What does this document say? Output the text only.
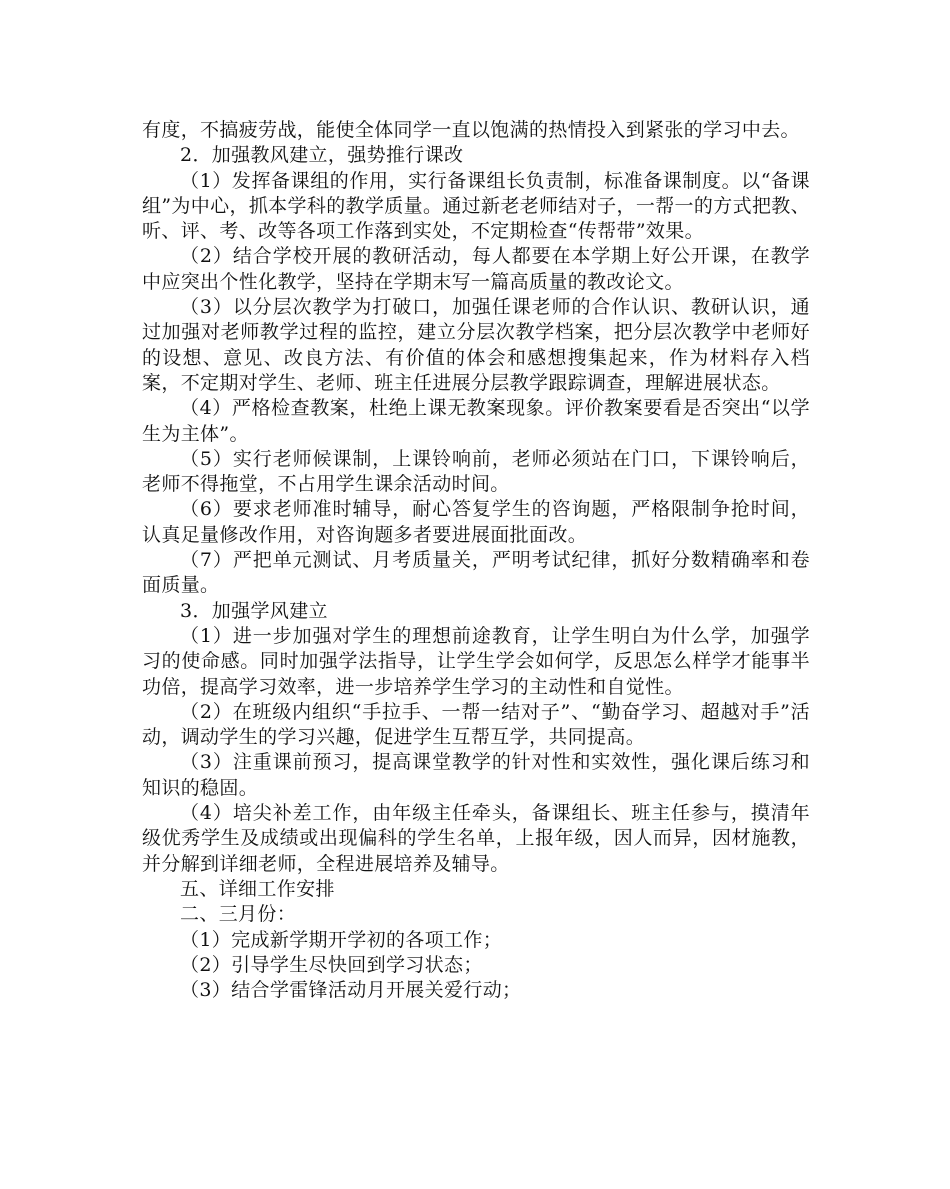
有度，不搞疲劳战，能使全体同学一直以饱满的热情投入到紧张的学习中去。

2．加强教风建立，强势推行课改

（1）发挥备课组的作用，实行备课组长负责制，标准备课制度。以“备课组”为中心，抓本学科的教学质量。通过新老老师结对子，一帮一的方式把教、听、评、考、改等各项工作落到实处，不定期检查“传帮带”效果。

（2）结合学校开展的教研活动，每人都要在本学期上好公开课，在教学中应突出个性化教学，坚持在学期末写一篇高质量的教改论文。

（3）以分层次教学为打破口，加强任课老师的合作认识、教研认识，通过加强对老师教学过程的监控，建立分层次教学档案，把分层次教学中老师好的设想、意见、改良方法、有价值的体会和感想搜集起来，作为材料存入档案，不定期对学生、老师、班主任进展分层教学跟踪调查，理解进展状态。

（4）严格检查教案，杜绝上课无教案现象。评价教案要看是否突出“以学生为主体”。

（5）实行老师候课制，上课铃响前，老师必须站在门口，下课铃响后，老师不得拖堂，不占用学生课余活动时间。

（6）要求老师准时辅导，耐心答复学生的咨询题，严格限制争抢时间，认真足量修改作用，对咨询题多者要进展面批面改。

（7）严把单元测试、月考质量关，严明考试纪律，抓好分数精确率和卷面质量。

3．加强学风建立

（1）进一步加强对学生的理想前途教育，让学生明白为什么学，加强学习的使命感。同时加强学法指导，让学生学会如何学，反思怎么样学才能事半功倍，提高学习效率，进一步培养学生学习的主动性和自觉性。

（2）在班级内组织“手拉手、一帮一结对子”、“勤奋学习、超越对手”活动，调动学生的学习兴趣，促进学生互帮互学，共同提高。

（3）注重课前预习，提高课堂教学的针对性和实效性，强化课后练习和知识的稳固。

（4）培尖补差工作，由年级主任牵头，备课组长、班主任参与，摸清年级优秀学生及成绩或出现偏科的学生名单，上报年级，因人而异，因材施教，并分解到详细老师，全程进展培养及辅导。

五、详细工作安排

二、三月份：

（1）完成新学期开学初的各项工作；

（2）引导学生尽快回到学习状态；

（3）结合学雷锋活动月开展关爱行动；
